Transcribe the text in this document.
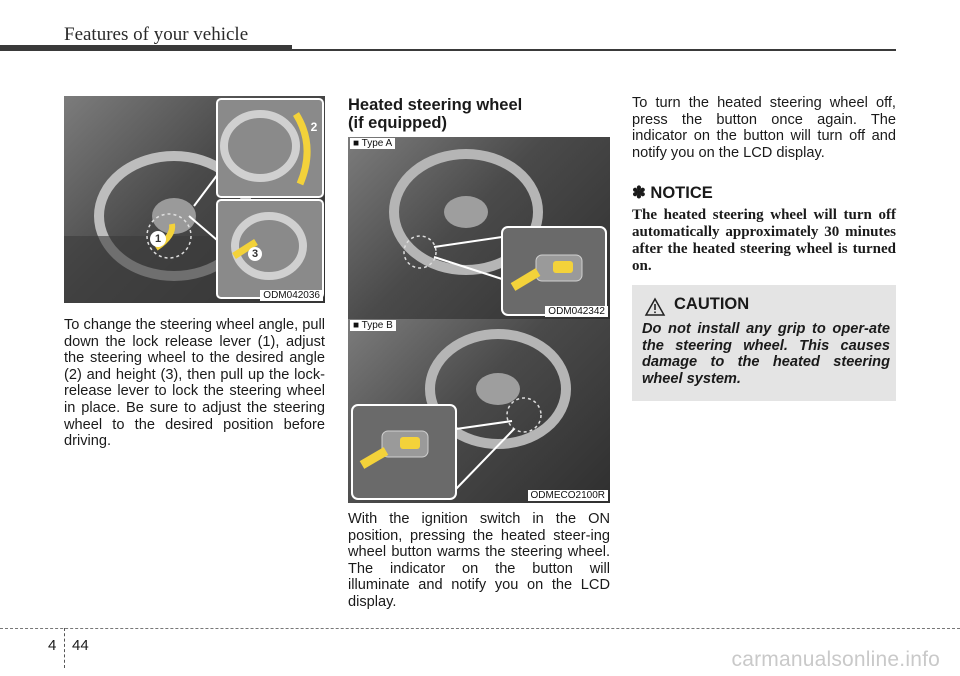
Features of your vehicle
1
2
3
ODM042036
To change the steering wheel angle, pull down the lock release lever (1), adjust the steering wheel to the desired angle (2) and height (3), then pull up the lock-release lever to lock the steering wheel in place. Be sure to adjust the steering wheel to the desired position before driving.
Heated steering wheel
(if equipped)
■ Type A
ODM042342
■ Type B
ODMECO2100R
With the ignition switch in the ON position, pressing the heated steer-ing wheel button warms the steering wheel. The indicator on the button will illuminate and notify you on the LCD display.
To turn the heated steering wheel off, press the button once again. The indicator on the button will turn off and notify you on the LCD display.
✽ NOTICE
The heated steering wheel will turn off automatically approximately 30 minutes after the heated steering wheel is turned on.
CAUTION
Do not install any grip to oper-ate the steering wheel. This causes damage to the heated steering wheel system.
4 44
carmanualsonline.info
